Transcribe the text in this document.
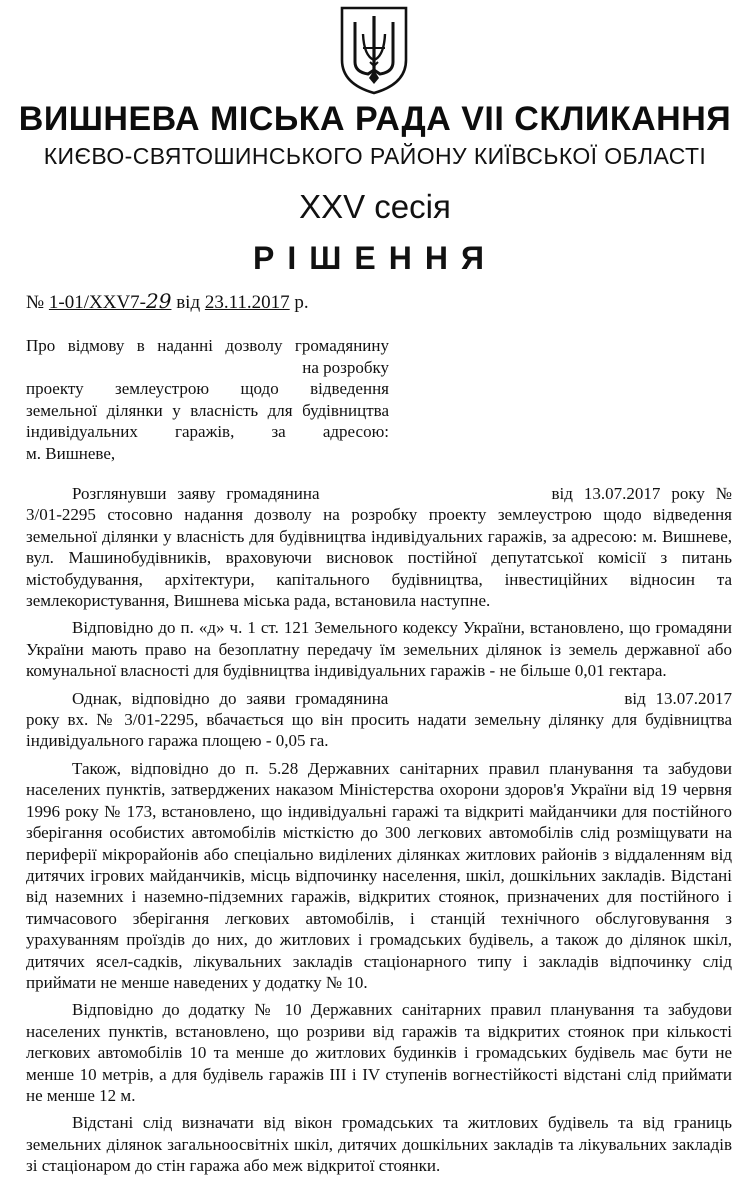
ВИШНЕВА МІСЬКА РАДА VII СКЛИКАННЯ
КИЄВО-СВЯТОШИНСЬКОГО РАЙОНУ КИЇВСЬКОЇ ОБЛАСТІ
XXV сесія
РІШЕННЯ
№ 1-01/XXV7-29 від 23.11.2017 р.
Про відмову в наданні дозволу громадянину
на розробку
проекту землеустрою щодо відведення
земельної ділянки у власність для будівництва
індивідуальних гаражів, за адресою:
м. Вишневе,

Розглянувши заяву громадянина	від 13.07.2017 року № 3/01-2295 стосовно надання дозволу на розробку проекту землеустрою щодо відведення земельної ділянки у власність для будівництва індивідуальних гаражів, за адресою: м. Вишневе, вул. Машинобудівників, враховуючи висновок постійної депутатської комісії з питань містобудування, архітектури, капітального будівництва, інвестиційних відносин та землекористування, Вишнева міська рада, встановила наступне.

Відповідно до п. «д» ч. 1 ст. 121 Земельного кодексу України, встановлено, що громадяни України мають право на безоплатну передачу їм земельних ділянок із земель державної або комунальної власності для будівництва індивідуальних гаражів - не більше 0,01 гектара.

Однак, відповідно до заяви громадянина	від 13.07.2017 року вх. № 3/01-2295, вбачається що він просить надати земельну ділянку для будівництва індивідуального гаража площею - 0,05 га.

Також, відповідно до п. 5.28 Державних санітарних правил планування та забудови населених пунктів, затверджених наказом Міністерства охорони здоров'я України від 19 червня 1996 року № 173, встановлено, що індивідуальні гаражі та відкриті майданчики для постійного зберігання особистих автомобілів місткістю до 300 легкових автомобілів слід розміщувати на периферії мікрорайонів або спеціально виділених ділянках житлових районів з віддаленням від дитячих ігрових майданчиків, місць відпочинку населення, шкіл, дошкільних закладів. Відстані від наземних і наземно-підземних гаражів, відкритих стоянок, призначених для постійного і тимчасового зберігання легкових автомобілів, і станцій технічного обслуговування з урахуванням проїздів до них, до житлових і громадських будівель, а також до ділянок шкіл, дитячих ясел-садків, лікувальних закладів стаціонарного типу і закладів відпочинку слід приймати не менше наведених у додатку № 10.

Відповідно до додатку № 10 Державних санітарних правил планування та забудови населених пунктів, встановлено, що розриви від гаражів та відкритих стоянок при кількості легкових автомобілів 10 та менше до житлових будинків і громадських будівель має бути не менше 10 метрів, а для будівель гаражів III і IV ступенів вогнестійкості відстані слід приймати не менше 12 м.

Відстані слід визначати від вікон громадських та житлових будівель та від границь земельних ділянок загальноосвітніх шкіл, дитячих дошкільних закладів та лікувальних закладів зі стаціонаром до стін гаража або меж відкритої стоянки.
